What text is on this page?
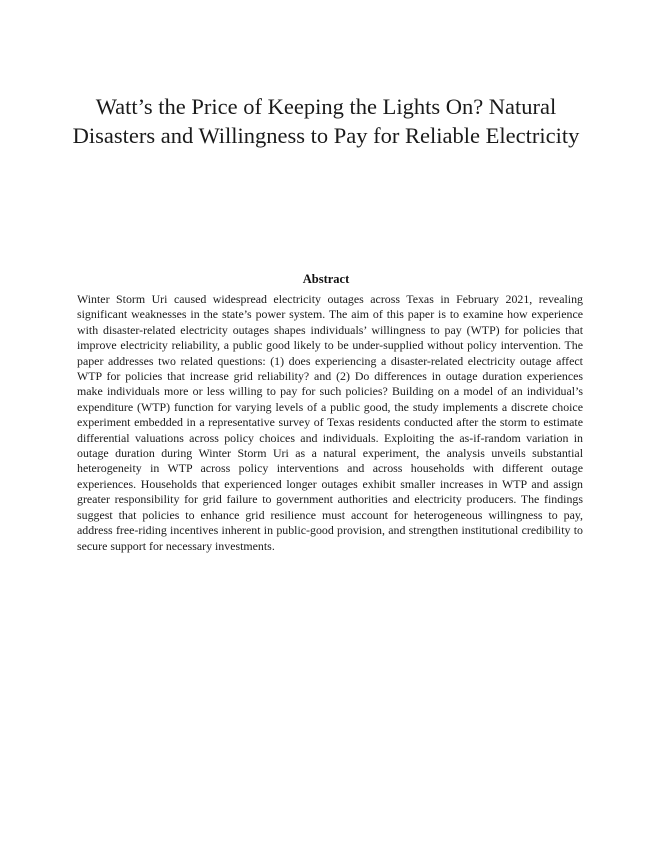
Watt’s the Price of Keeping the Lights On? Natural
Disasters and Willingness to Pay for Reliable Electricity
Abstract

Winter Storm Uri caused widespread electricity outages across Texas in February 2021, revealing significant weaknesses in the state’s power system. The aim of this paper is to examine how experience with disaster-related electricity outages shapes individuals’ willingness to pay (WTP) for policies that improve electricity reliability, a public good likely to be under-supplied without policy intervention. The paper addresses two related questions: (1) does experiencing a disaster-related electricity outage affect WTP for policies that increase grid reliability? and (2) Do differences in outage duration experiences make individuals more or less willing to pay for such policies? Building on a model of an individual’s expenditure (WTP) function for varying levels of a public good, the study implements a discrete choice experiment embedded in a representative survey of Texas residents conducted after the storm to estimate differential valuations across policy choices and individuals. Exploiting the as-if-random variation in outage duration during Winter Storm Uri as a natural experiment, the analysis unveils substantial heterogeneity in WTP across policy interventions and across households with different outage experiences. Households that experienced longer outages exhibit smaller increases in WTP and assign greater responsibility for grid failure to government authorities and electricity producers. The findings suggest that policies to enhance grid resilience must account for heterogeneous willingness to pay, address free-riding incentives inherent in public-good provision, and strengthen institutional credibility to secure support for necessary investments.
